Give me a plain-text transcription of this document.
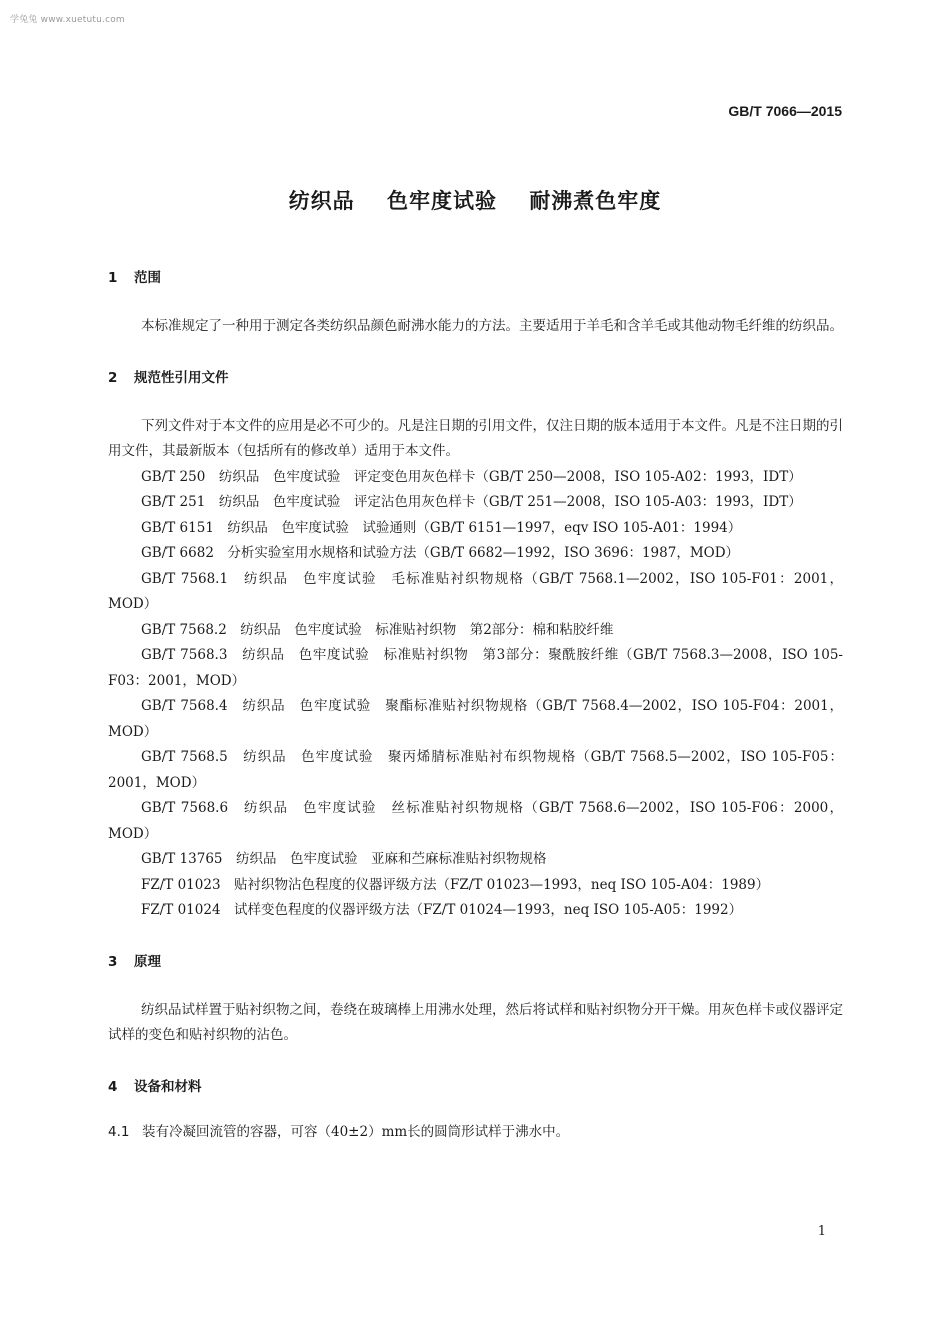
学兔兔 www.xuetutu.com
GB/T 7066—2015
纺织品 色牢度试验 耐沸煮色牢度
1 范围

本标准规定了一种用于测定各类纺织品颜色耐沸水能力的方法。主要适用于羊毛和含羊毛或其他动物毛纤维的纺织品。

2 规范性引用文件

下列文件对于本文件的应用是必不可少的。凡是注日期的引用文件，仅注日期的版本适用于本文件。凡是不注日期的引用文件，其最新版本（包括所有的修改单）适用于本文件。

GB/T 250　纺织品　色牢度试验　评定变色用灰色样卡（GB/T 250—2008，ISO 105-A02：1993，IDT）

GB/T 251　纺织品　色牢度试验　评定沾色用灰色样卡（GB/T 251—2008，ISO 105-A03：1993，IDT）

GB/T 6151　纺织品　色牢度试验　试验通则（GB/T 6151—1997，eqv ISO 105-A01：1994）

GB/T 6682　分析实验室用水规格和试验方法（GB/T 6682—1992，ISO 3696：1987，MOD）

GB/T 7568.1　纺织品　色牢度试验　毛标准贴衬织物规格（GB/T 7568.1—2002，ISO 105-F01：2001，MOD）

GB/T 7568.2　纺织品　色牢度试验　标准贴衬织物　第2部分：棉和粘胶纤维

GB/T 7568.3　纺织品　色牢度试验　标准贴衬织物　第3部分：聚酰胺纤维（GB/T 7568.3—2008，ISO 105-F03：2001，MOD）

GB/T 7568.4　纺织品　色牢度试验　聚酯标准贴衬织物规格（GB/T 7568.4—2002，ISO 105-F04：2001，MOD）

GB/T 7568.5　纺织品　色牢度试验　聚丙烯腈标准贴衬布织物规格（GB/T 7568.5—2002，ISO 105-F05：2001，MOD）

GB/T 7568.6　纺织品　色牢度试验　丝标准贴衬织物规格（GB/T 7568.6—2002，ISO 105-F06：2000，MOD）

GB/T 13765　纺织品　色牢度试验　亚麻和苎麻标准贴衬织物规格

FZ/T 01023　贴衬织物沾色程度的仪器评级方法（FZ/T 01023—1993，neq ISO 105-A04：1989）

FZ/T 01024　试样变色程度的仪器评级方法（FZ/T 01024—1993，neq ISO 105-A05：1992）

3 原理

纺织品试样置于贴衬织物之间，卷绕在玻璃棒上用沸水处理，然后将试样和贴衬织物分开干燥。用灰色样卡或仪器评定试样的变色和贴衬织物的沾色。

4 设备和材料

4.1 装有冷凝回流管的容器，可容（40±2）mm长的圆筒形试样于沸水中。

1
